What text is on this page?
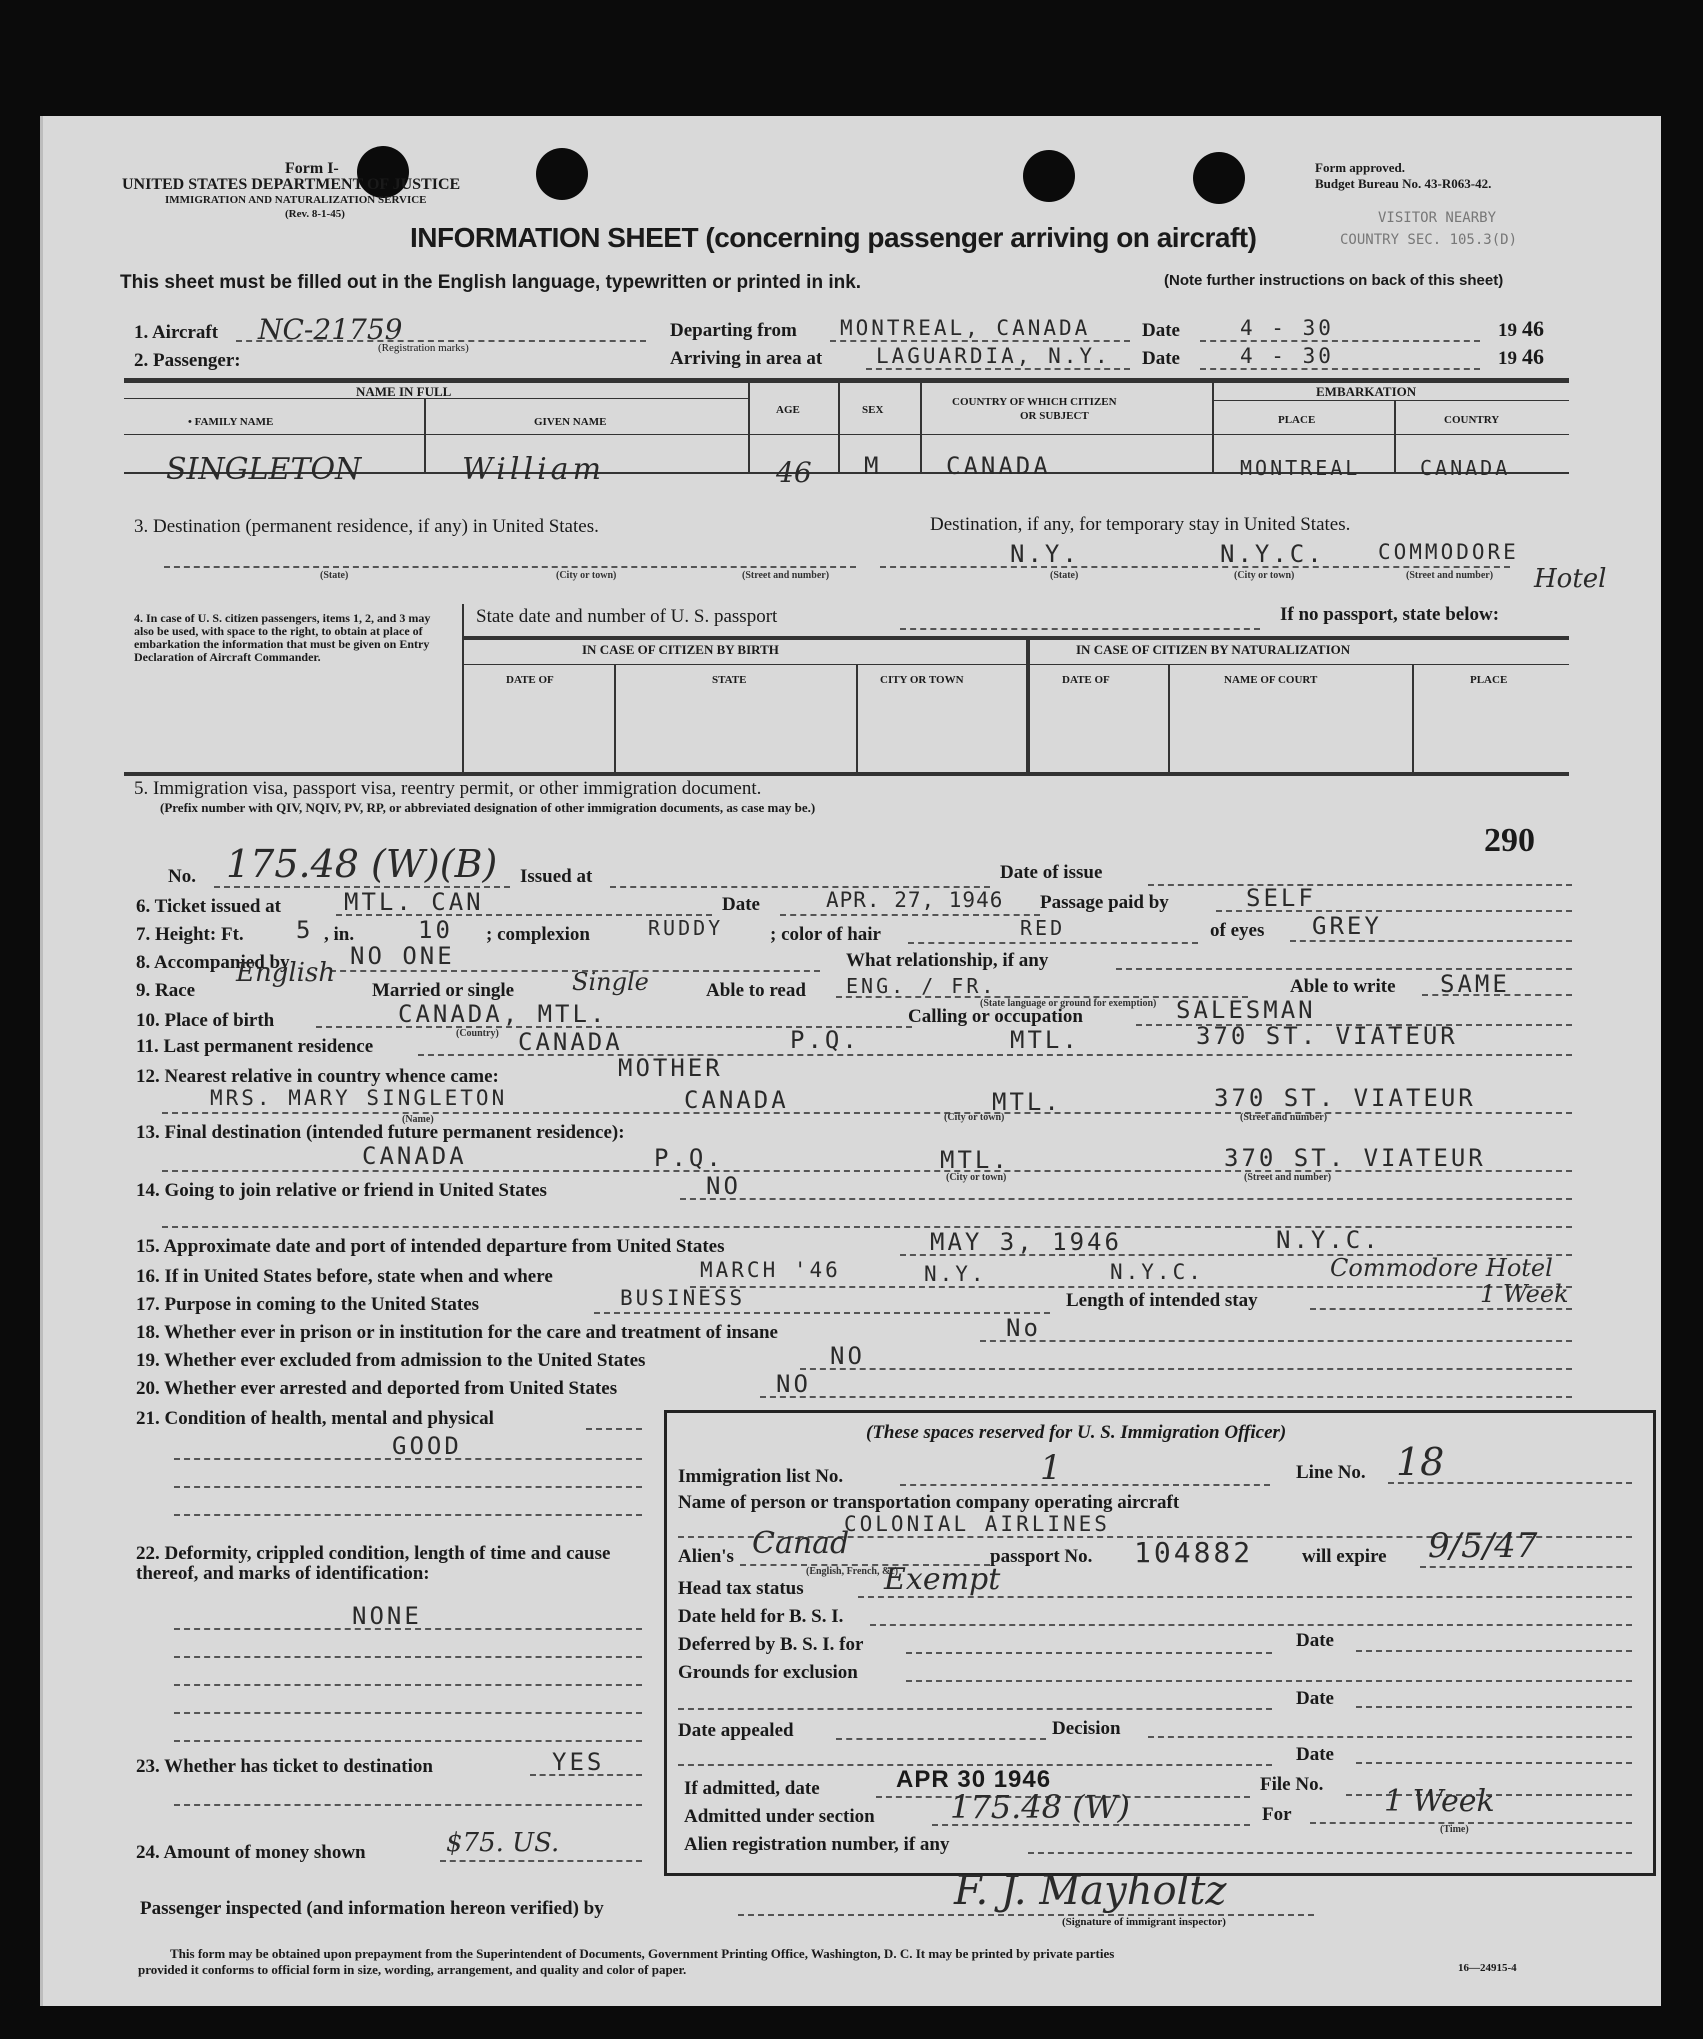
Form I-
UNITED STATES DEPARTMENT OF JUSTICE
IMMIGRATION AND NATURALIZATION SERVICE
(Rev. 8-1-45)
Form approved.
Budget Bureau No. 43-R063-42.
VISITOR NEARBY
COUNTRY SEC. 105.3(D)
INFORMATION SHEET (concerning passenger arriving on aircraft)
This sheet must be filled out in the English language, typewritten or printed in ink.	(Note further instructions on back of this sheet)
1. Aircraft NC-21759
(Registration marks)
2. Passenger:
Departing from MONTREAL, CANADA
Arriving in area at	LAGUARDIA, N.Y.
Date	4 - 30	19 46
Date	4 - 30	19 46
NAME IN FULL
• FAMILY NAME	GIVEN NAME
AGE	SEX
COUNTRY OF WHICH CITIZEN
OR SUBJECT
EMBARKATION
PLACE	COUNTRY
SINGLETON	William	46 M	CANADA	MONTREAL	CANADA
3. Destination (permanent residence, if any) in United States.	Destination, if any, for temporary stay in United States.
(State)	(City or town)	(Street and number)
N.Y.	N.Y.C.	COMMODORE
Hotel
(State)	(City or town)	(Street and number)
4. In case of U. S. citizen passengers, items 1, 2, and 3 may also be used, with space to the right, to obtain at place of embarkation the information that must be given on Entry Declaration of Aircraft Commander.
State date and number of U. S. passport	If no passport, state below:
IN CASE OF CITIZEN BY BIRTH	IN CASE OF CITIZEN BY NATURALIZATION
DATE OF	STATE	CITY OR TOWN	DATE OF	NAME OF COURT	PLACE
5. Immigration visa, passport visa, reentry permit, or other immigration document.
(Prefix number with QIV, NQIV, PV, RP, or abbreviated designation of other immigration documents, as case may be.)
290
No. 175.48 (W)(B) Issued at	Date of issue
6. Ticket issued at	MTL. CAN	Date	APR. 27, 1946 Passage paid by	SELF
7. Height: Ft. 5 , in.	10 ; complexion	RUDDY ; color of hair	RED	of eyes GREY
8. Accompanied by	NO ONE	What relationship, if any
9. Race
English
Married or single Single	Able to read ENG. / FR.
(State language or ground for exemption)
Able to write SAME
10. Place of birth	CANADA, MTL.
(Country)
Calling or occupation	SALESMAN
11. Last permanent residence	CANADA	P.Q.	MTL.	370 ST. VIATEUR
12. Nearest relative in country whence came:	MOTHER
MRS. MARY SINGLETON	CANADA	MTL.	370 ST. VIATEUR
(Name)	(City or town)	(Street and number)
13. Final destination (intended future permanent residence):
CANADA	P.Q.	MTL.	370 ST. VIATEUR
(City or town)	(Street and number)
14. Going to join relative or friend in United States	NO
15. Approximate date and port of intended departure from United States	MAY 3, 1946	N.Y.C.
16. If in United States before, state when and where	MARCH '46	N.Y.	N.Y.C.	Commodore Hotel
17. Purpose in coming to the United States	BUSINESS	Length of intended stay	1 Week
18. Whether ever in prison or in institution for the care and treatment of insane	No
19. Whether ever excluded from admission to the United States	NO
20. Whether ever arrested and deported from United States	NO
21. Condition of health, mental and physical
GOOD
22. Deformity, crippled condition, length of time and cause thereof, and marks of identification:
NONE
23. Whether has ticket to destination	YES
24. Amount of money shown	$75. US.
(These spaces reserved for U. S. Immigration Officer)
Immigration list No.	1	Line No. 18
Name of person or transportation company operating aircraft
COLONIAL AIRLINES
Alien's Canad
(English, French, &c)
passport No. 104882	will expire 9/5/47
Head tax status	Exempt
Date held for B. S. I.
Deferred by B. S. I. for	Date
Grounds for exclusion
Date
Date appealed	Decision
Date
If admitted, date	APR 30 1946	File No.
Admitted under section 175.48 (W)	For	1 Week
(Time)
Alien registration number, if any
Passenger inspected (and information hereon verified) by	F. J. Mayholtz
(Signature of immigrant inspector)
This form may be obtained upon prepayment from the Superintendent of Documents, Government Printing Office, Washington, D. C. It may be printed by private parties
provided it conforms to official form in size, wording, arrangement, and quality and color of paper.	16—24915-4
